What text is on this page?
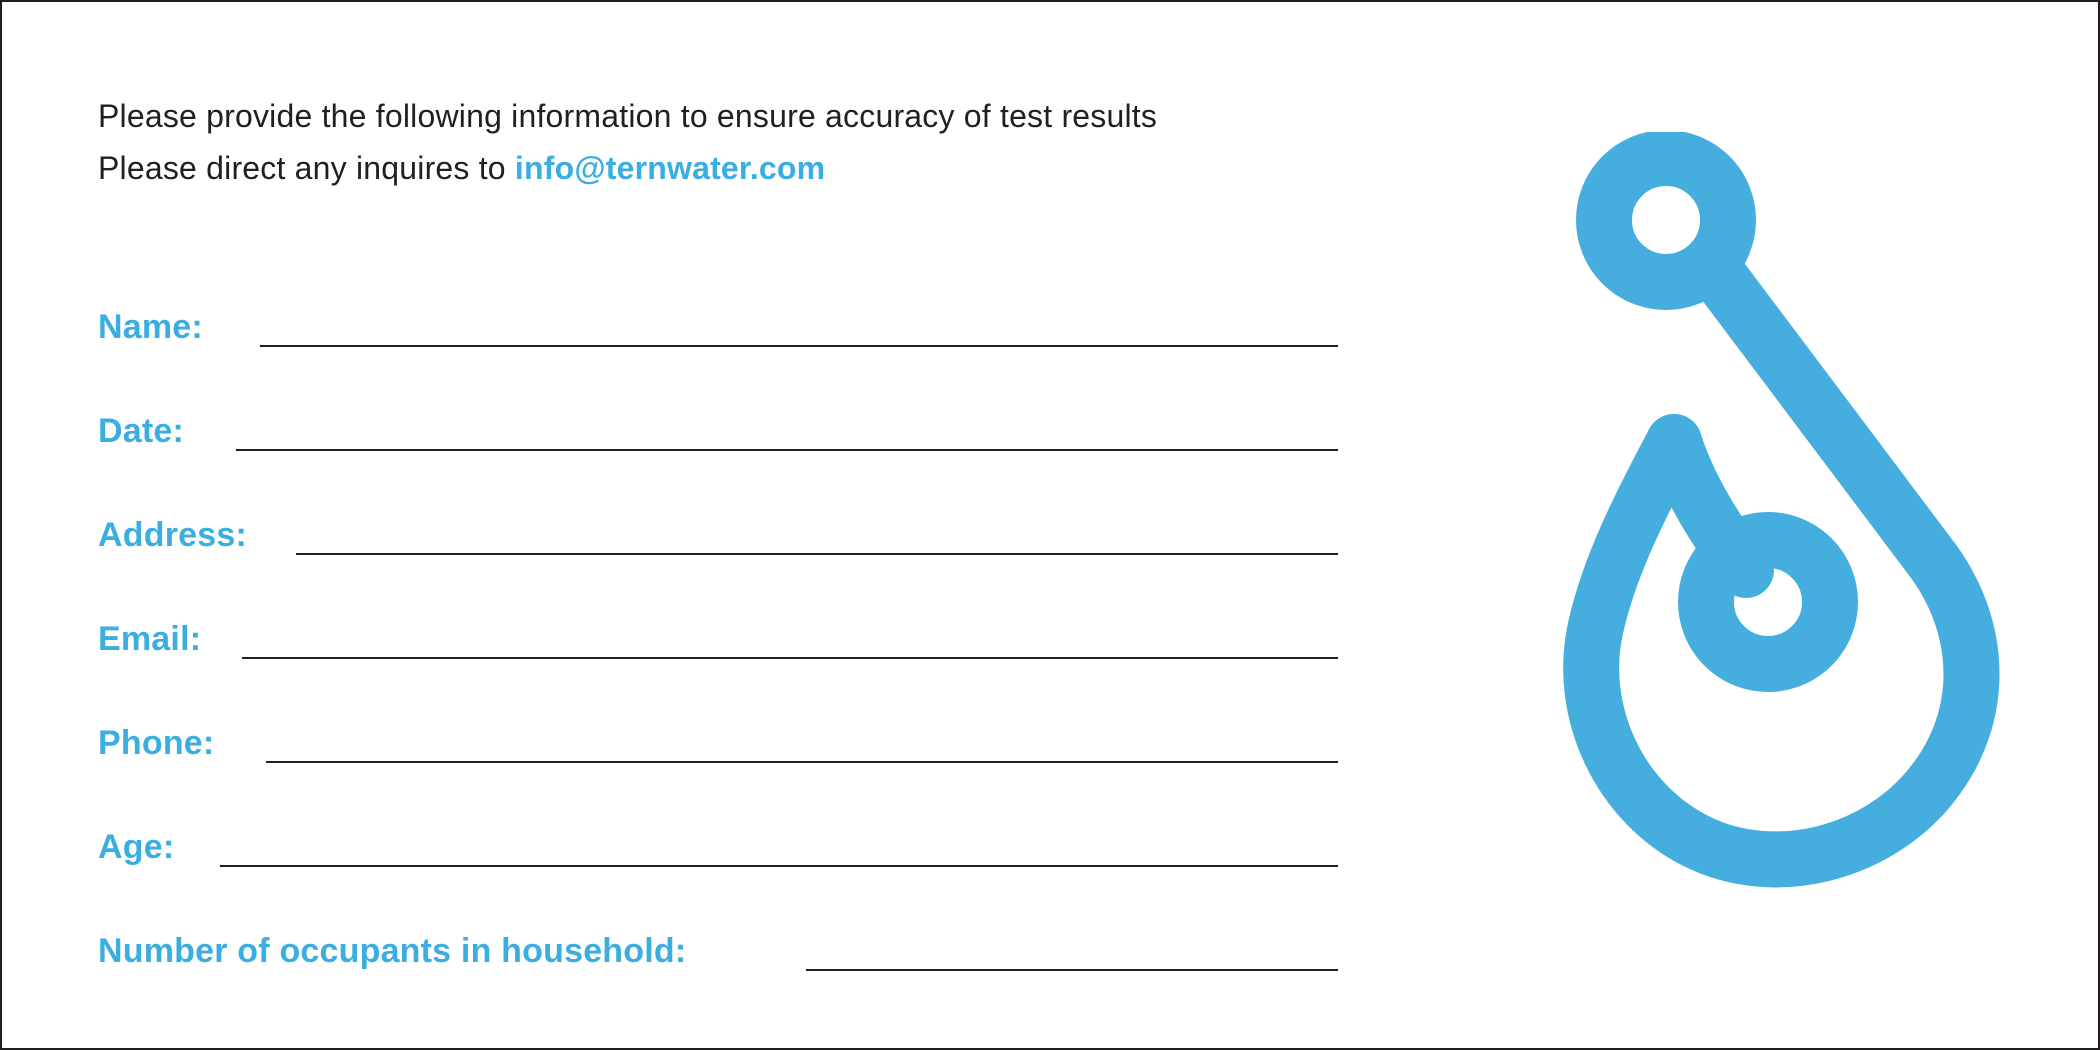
Please provide the following information to ensure accuracy of test results
Please direct any inquires to info@ternwater.com
Name:
Date:
Address:
Email:
Phone:
Age:
Number of occupants in household:
